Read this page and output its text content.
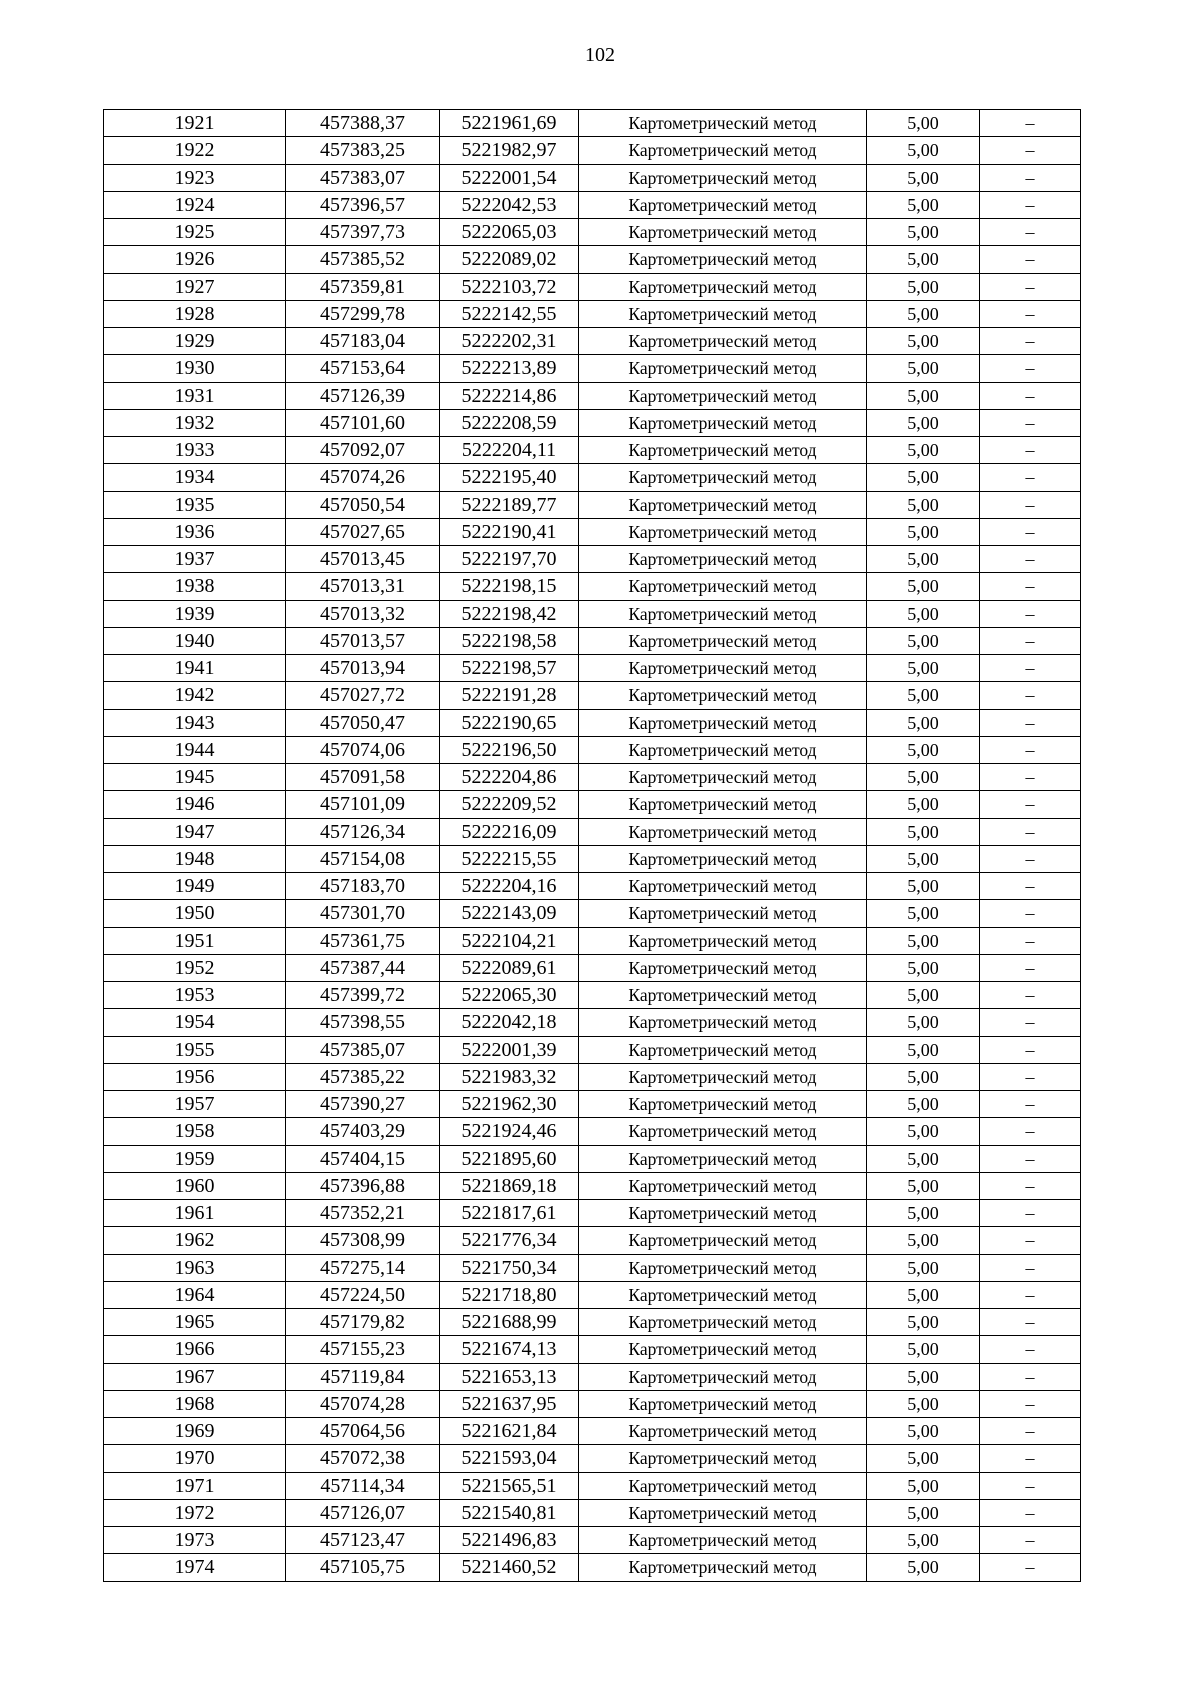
102
1921	457388,37	5221961,69	Картометрический метод	5,00	–
1922	457383,25	5221982,97	Картометрический метод	5,00	–
1923	457383,07	5222001,54	Картометрический метод	5,00	–
1924	457396,57	5222042,53	Картометрический метод	5,00	–
1925	457397,73	5222065,03	Картометрический метод	5,00	–
1926	457385,52	5222089,02	Картометрический метод	5,00	–
1927	457359,81	5222103,72	Картометрический метод	5,00	–
1928	457299,78	5222142,55	Картометрический метод	5,00	–
1929	457183,04	5222202,31	Картометрический метод	5,00	–
1930	457153,64	5222213,89	Картометрический метод	5,00	–
1931	457126,39	5222214,86	Картометрический метод	5,00	–
1932	457101,60	5222208,59	Картометрический метод	5,00	–
1933	457092,07	5222204,11	Картометрический метод	5,00	–
1934	457074,26	5222195,40	Картометрический метод	5,00	–
1935	457050,54	5222189,77	Картометрический метод	5,00	–
1936	457027,65	5222190,41	Картометрический метод	5,00	–
1937	457013,45	5222197,70	Картометрический метод	5,00	–
1938	457013,31	5222198,15	Картометрический метод	5,00	–
1939	457013,32	5222198,42	Картометрический метод	5,00	–
1940	457013,57	5222198,58	Картометрический метод	5,00	–
1941	457013,94	5222198,57	Картометрический метод	5,00	–
1942	457027,72	5222191,28	Картометрический метод	5,00	–
1943	457050,47	5222190,65	Картометрический метод	5,00	–
1944	457074,06	5222196,50	Картометрический метод	5,00	–
1945	457091,58	5222204,86	Картометрический метод	5,00	–
1946	457101,09	5222209,52	Картометрический метод	5,00	–
1947	457126,34	5222216,09	Картометрический метод	5,00	–
1948	457154,08	5222215,55	Картометрический метод	5,00	–
1949	457183,70	5222204,16	Картометрический метод	5,00	–
1950	457301,70	5222143,09	Картометрический метод	5,00	–
1951	457361,75	5222104,21	Картометрический метод	5,00	–
1952	457387,44	5222089,61	Картометрический метод	5,00	–
1953	457399,72	5222065,30	Картометрический метод	5,00	–
1954	457398,55	5222042,18	Картометрический метод	5,00	–
1955	457385,07	5222001,39	Картометрический метод	5,00	–
1956	457385,22	5221983,32	Картометрический метод	5,00	–
1957	457390,27	5221962,30	Картометрический метод	5,00	–
1958	457403,29	5221924,46	Картометрический метод	5,00	–
1959	457404,15	5221895,60	Картометрический метод	5,00	–
1960	457396,88	5221869,18	Картометрический метод	5,00	–
1961	457352,21	5221817,61	Картометрический метод	5,00	–
1962	457308,99	5221776,34	Картометрический метод	5,00	–
1963	457275,14	5221750,34	Картометрический метод	5,00	–
1964	457224,50	5221718,80	Картометрический метод	5,00	–
1965	457179,82	5221688,99	Картометрический метод	5,00	–
1966	457155,23	5221674,13	Картометрический метод	5,00	–
1967	457119,84	5221653,13	Картометрический метод	5,00	–
1968	457074,28	5221637,95	Картометрический метод	5,00	–
1969	457064,56	5221621,84	Картометрический метод	5,00	–
1970	457072,38	5221593,04	Картометрический метод	5,00	–
1971	457114,34	5221565,51	Картометрический метод	5,00	–
1972	457126,07	5221540,81	Картометрический метод	5,00	–
1973	457123,47	5221496,83	Картометрический метод	5,00	–
1974	457105,75	5221460,52	Картометрический метод	5,00	–
